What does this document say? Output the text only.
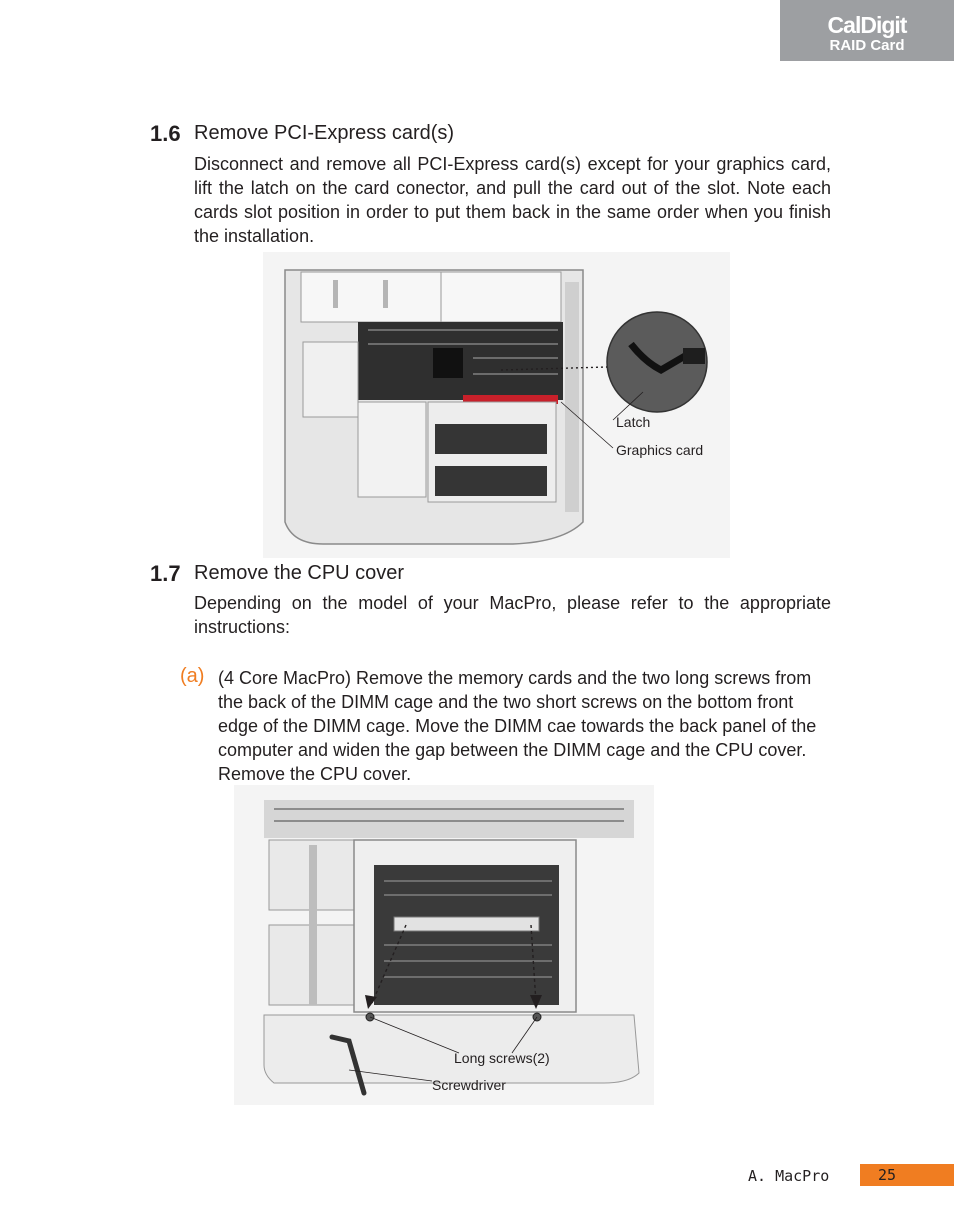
CalDigit
RAID Card
1.6 Remove PCI-Express card(s)
Disconnect and remove all PCI-Express card(s) except for your graphics card, lift the latch on the card conector, and pull the card out of the slot. Note each cards slot position in order to put them back in the same order when you finish the installation.
Latch
Graphics card
1.7 Remove the CPU cover
Depending on the model of your MacPro, please refer to the appropriate instructions:
(a) (4 Core MacPro) Remove the memory cards and the two long screws from the back of the DIMM cage and the two short screws on the bottom front edge of the DIMM cage. Move the DIMM cae towards the back panel of the computer and widen the gap between the DIMM cage and the CPU cover. Remove the CPU cover.
Long screws(2)
Screwdriver
A. MacPro	25
